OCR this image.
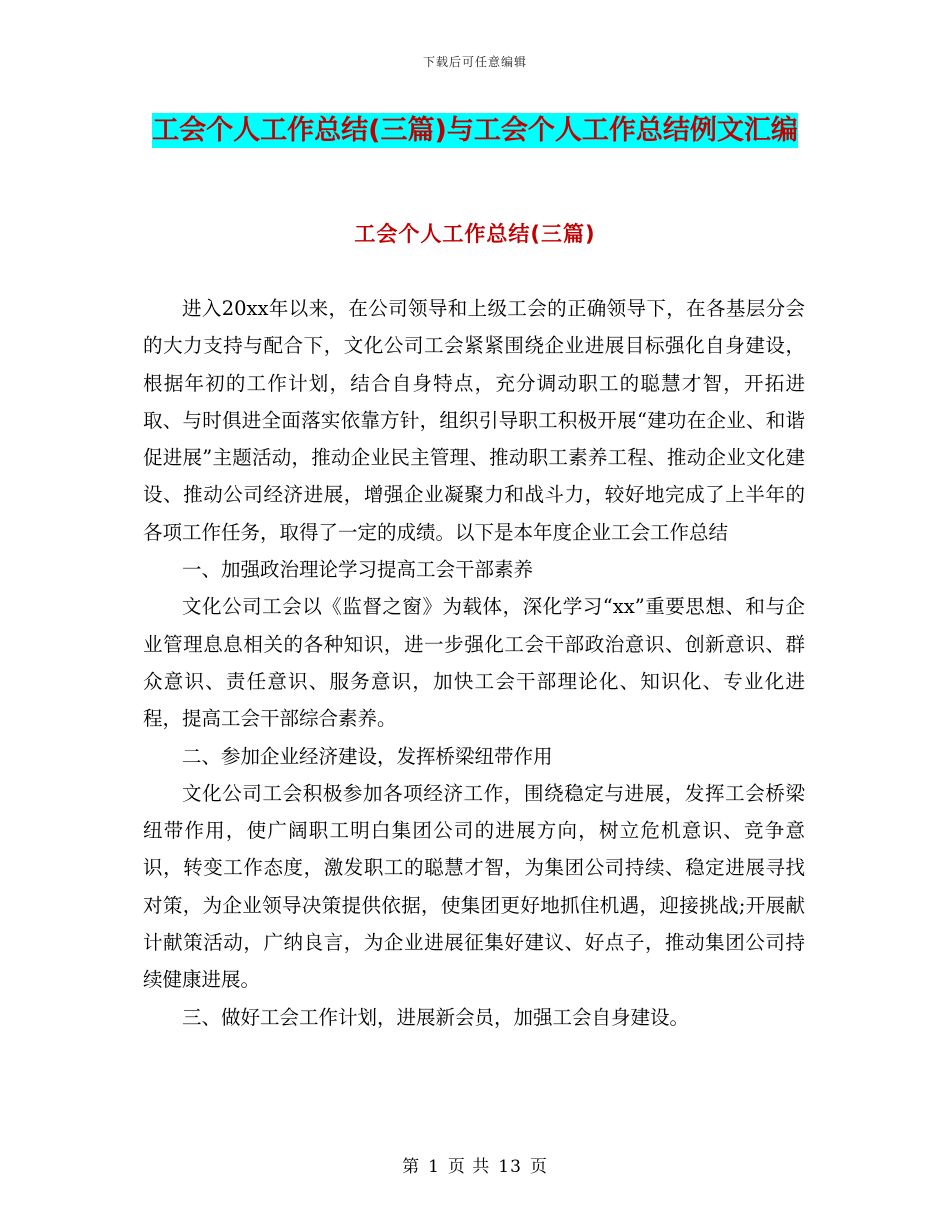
下载后可任意编辑
工会个人工作总结(三篇)与工会个人工作总结例文汇编
工会个人工作总结(三篇)

进入20xx年以来，在公司领导和上级工会的正确领导下，在各基层分会的大力支持与配合下，文化公司工会紧紧围绕企业进展目标强化自身建设，根据年初的工作计划，结合自身特点，充分调动职工的聪慧才智，开拓进取、与时俱进全面落实依靠方针，组织引导职工积极开展“建功在企业、和谐促进展”主题活动，推动企业民主管理、推动职工素养工程、推动企业文化建设、推动公司经济进展，增强企业凝聚力和战斗力，较好地完成了上半年的各项工作任务，取得了一定的成绩。以下是本年度企业工会工作总结

一、加强政治理论学习提高工会干部素养

文化公司工会以《监督之窗》为载体，深化学习“xx”重要思想、和与企业管理息息相关的各种知识，进一步强化工会干部政治意识、创新意识、群众意识、责任意识、服务意识，加快工会干部理论化、知识化、专业化进程，提高工会干部综合素养。

二、参加企业经济建设，发挥桥梁纽带作用

文化公司工会积极参加各项经济工作，围绕稳定与进展，发挥工会桥梁纽带作用，使广阔职工明白集团公司的进展方向，树立危机意识、竞争意识，转变工作态度，激发职工的聪慧才智，为集团公司持续、稳定进展寻找对策，为企业领导决策提供依据，使集团更好地抓住机遇，迎接挑战;开展献计献策活动，广纳良言，为企业进展征集好建议、好点子，推动集团公司持续健康进展。

三、做好工会工作计划，进展新会员，加强工会自身建设。

第 1 页 共 13 页
